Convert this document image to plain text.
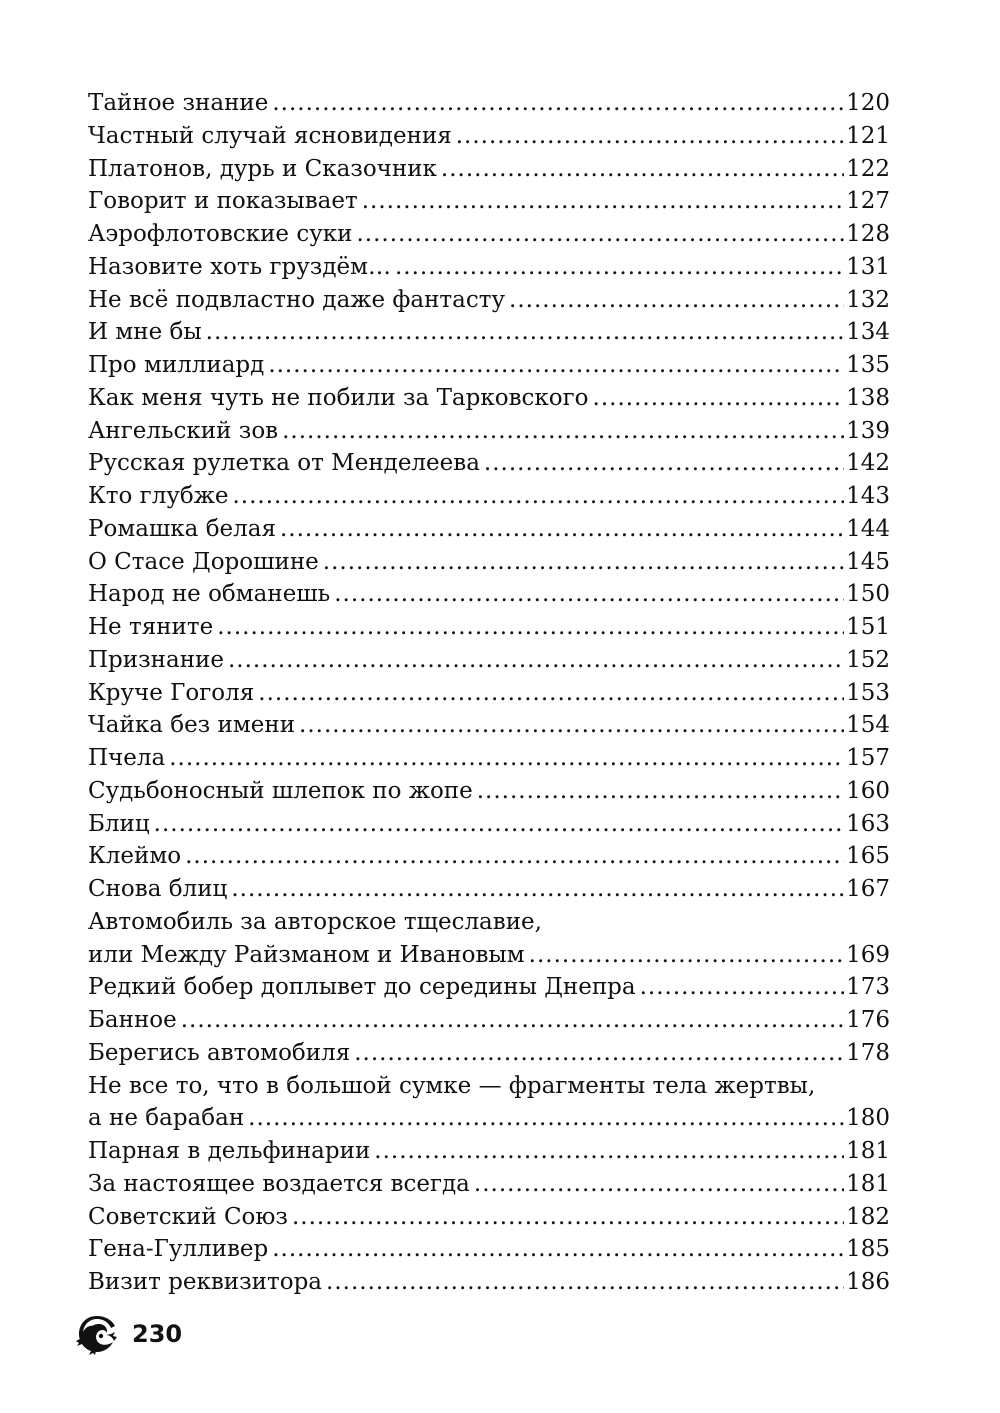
Тайное знание .....	120
Частный случай ясновидения .....	121
Платонов, дурь и Сказочник .....	122
Говорит и показывает .....	127
Аэрофлотовские суки .....	128
Назовите хоть груздём… .....	131
Не всё подвластно даже фантасту .....	132
И мне бы .....	134
Про миллиард .....	135
Как меня чуть не побили за Тарковского .....	138
Ангельский зов .....	139
Русская рулетка от Менделеева .....	142
Кто глубже .....	143
Ромашка белая .....	144
О Стасе Дорошине .....	145
Народ не обманешь .....	150
Не тяните .....	151
Признание .....	152
Круче Гоголя .....	153
Чайка без имени .....	154
Пчела .....	157
Судьбоносный шлепок по жопе .....	160
Блиц .....	163
Клеймо .....	165
Снова блиц .....	167
Автомобиль за авторское тщеславие,
или Между Райзманом и Ивановым .....	169
Редкий бобер доплывет до середины Днепра .....	173
Банное .....	176
Берегись автомобиля .....	178
Не все то, что в большой сумке — фрагменты тела жертвы,
а не барабан .....	180
Парная в дельфинарии .....	181
За настоящее воздается всегда .....	181
Советский Союз .....	182
Гена-Гулливер .....	185
Визит реквизитора .....	186
230
